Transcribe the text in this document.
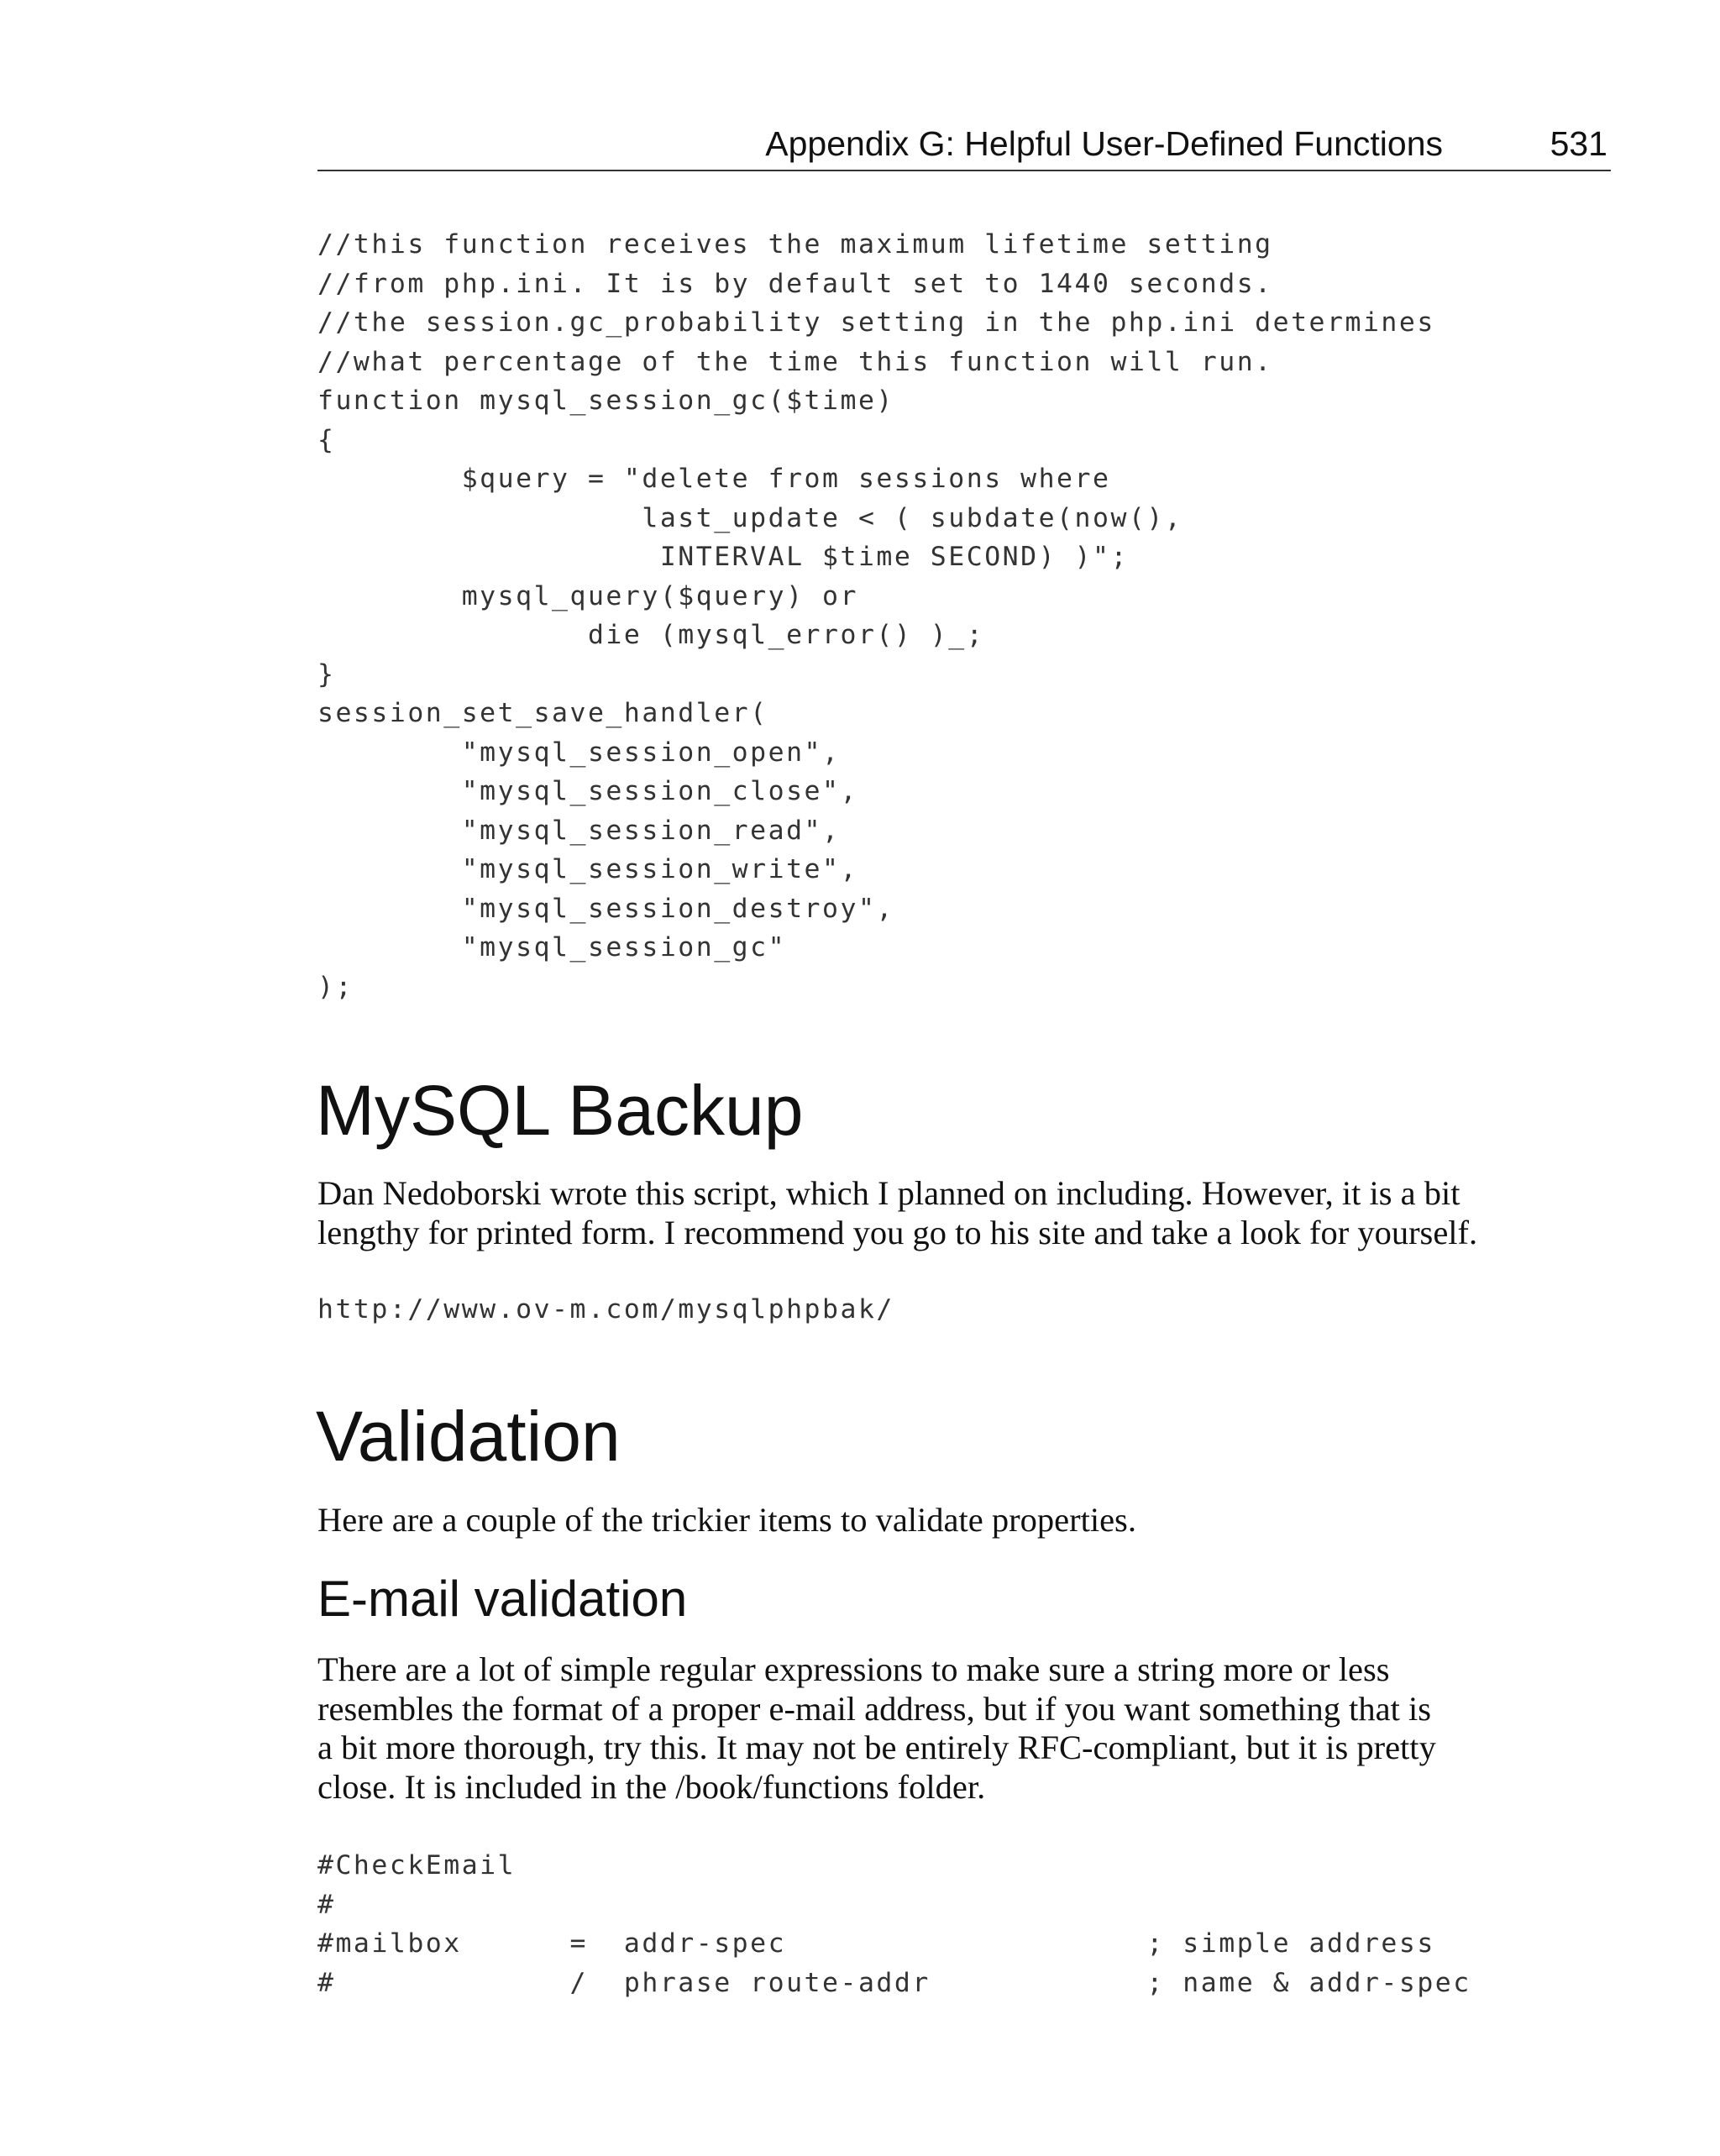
Appendix G: Helpful User-Defined Functions	531
//this function receives the maximum lifetime setting
//from php.ini. It is by default set to 1440 seconds.
//the session.gc_probability setting in the php.ini determines
//what percentage of the time this function will run.
function mysql_session_gc($time)
{
$query = "delete from sessions where
last_update < ( subdate(now(),
INTERVAL $time SECOND) )";
mysql_query($query) or
die (mysql_error() )_;
}
session_set_save_handler(
"mysql_session_open",
"mysql_session_close",
"mysql_session_read",
"mysql_session_write",
"mysql_session_destroy",
"mysql_session_gc"
);
MySQL Backup
Dan Nedoborski wrote this script, which I planned on including. However, it is a bit
lengthy for printed form. I recommend you go to his site and take a look for yourself.
http://www.ov-m.com/mysqlphpbak/
Validation
Here are a couple of the trickier items to validate properties.
E-mail validation
There are a lot of simple regular expressions to make sure a string more or less
resembles the format of a proper e-mail address, but if you want something that is
a bit more thorough, try this. It may not be entirely RFC-compliant, but it is pretty
close. It is included in the /book/functions folder.
#CheckEmail
#
#mailbox      =  addr-spec                    ; simple address
#             /  phrase route-addr            ; name & addr-spec
